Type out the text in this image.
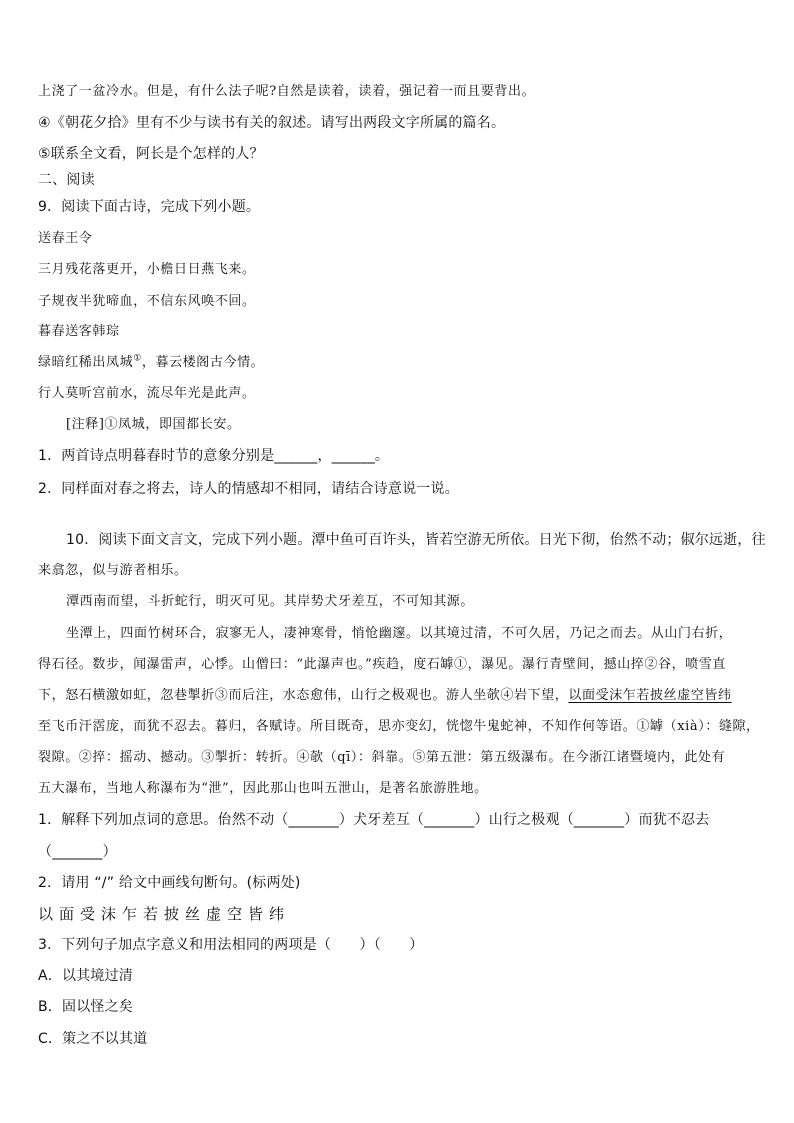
上浇了一盆冷水。但是，有什么法子呢?自然是读着，读着，强记着一而且要背出。
④《朝花夕拾》里有不少与读书有关的叙述。请写出两段文字所属的篇名。
⑤联系全文看，阿长是个怎样的人？
二、阅读
9．阅读下面古诗，完成下列小题。
送春王令
三月残花落更开，小檐日日燕飞来。
子规夜半犹啼血，不信东风唤不回。
暮春送客韩琮
绿暗红稀出凤城①，暮云楼阁古今情。
行人莫听宫前水，流尽年光是此声。
[注释]①凤城，即国都长安。
1．两首诗点明暮春时节的意象分别是______，______。
2．同样面对春之将去，诗人的情感却不相同，请结合诗意说一说。
10．阅读下面文言文，完成下列小题。潭中鱼可百许头，皆若空游无所依。日光下彻，佁然不动；俶尔远逝，往
来翕忽，似与游者相乐。
潭西南而望，斗折蛇行，明灭可见。其岸势犬牙差互，不可知其源。
坐潭上，四面竹树环合，寂寥无人，凄神寒骨，悄怆幽邃。以其境过清，不可久居，乃记之而去。从山门右折，
得石径。数步，闻瀑雷声，心悸。山僧曰：“此瀑声也。”疾趋，度石罅①，瀑见。瀑行青壁间，撼山捽②谷，喷雪直
下，怒石横激如虹，忽巷掣折③而后注，水态愈伟，山行之极观也。游人坐欹④岩下望，以面受沫乍若披丝虚空皆纬
至飞币汗霑庞，而犹不忍去。暮归，各赋诗。所目既奇，思亦变幻，恍惚牛鬼蛇神，不知作何等语。①罅（xià）：缝隙，
裂隙。②捽：摇动、撼动。③掣折：转折。④欹（qī）：斜靠。⑤第五泄：第五级瀑布。在今浙江诸暨境内，此处有
五大瀑布，当地人称瀑布为“泄”，因此那山也叫五泄山，是著名旅游胜地。
1．解释下列加点词的意思。佁然不动（_______）犬牙差互（_______）山行之极观（_______）而犹不忍去
（_______）
2．请用 “/” 给文中画线句断句。(标两处)
以面受沫乍若披丝虚空皆纬
3．下列句子加点字意义和用法相同的两项是（　　）（　　）
A．以其境过清
B．固以怪之矣
C．策之不以其道
